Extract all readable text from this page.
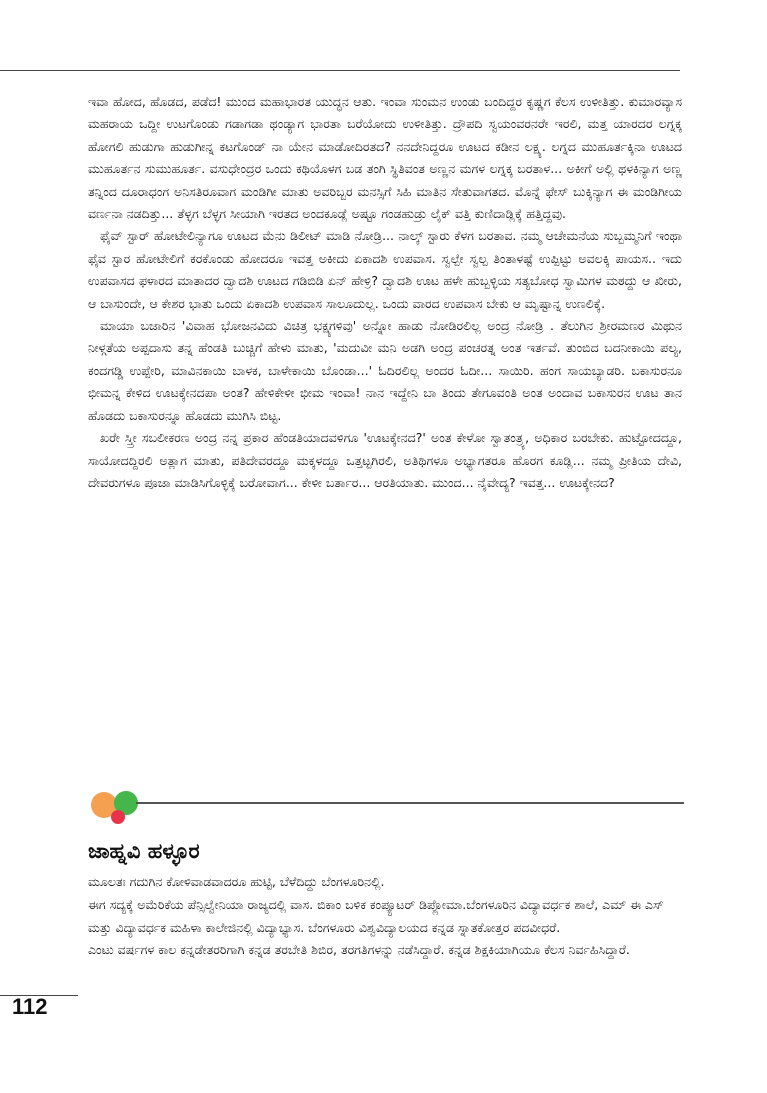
ಇವಾ ಹೋದ, ಹೊಡದ, ಪಡೆದ! ಮುಂದ ಮಹಾಭಾರತ ಯುದ್ಧನ ಆತು. ಇಂವಾ ಸುಂಮನ ಉಂಡು ಬಂದಿದ್ದರ ಕೃಷ್ಣಗ ಕೆಲಸ ಉಳೀತಿತ್ತು. ಕುಮಾರವ್ಯಾಸ ಮಹರಾಯ ಒದ್ದೀ ಉಟಗೊಂಡು ಗಡಾಗಡಾ ಥಂಡ್ಯಾಗ ಭಾರತಾ ಬರೆಯೋದು ಉಳೀತಿತ್ತು. ದ್ರೌಪದಿ ಸ್ವಯಂವರನರೇ ಇರಲಿ, ಮತ್ತ ಯಾರದರ ಲಗ್ನಕ್ಕ ಹೋಗಲಿ ಹುಡುಗಾ ಹುಡುಗೀನ್ನ ಕಟಗೊಂಡ್ ನಾ ಯೇನ ಮಾಡೋದಿರತದ? ನನದೇನಿದ್ದರೂ ಊಟದ ಕಡೀನ ಲಕ್ಷ್ಯ. ಲಗ್ನದ ಮುಹೂರ್ತಕ್ಕಿನಾ ಊಟದ ಮುಹೂರ್ತನ ಸುಮುಹೂರ್ತ. ವಸುಧೇಂದ್ರರ ಒಂದು ಕಥಿಯೊಳಗ ಬಡ ತಂಗಿ ಸ್ಥಿತಿವಂತ ಅಣ್ಣನ ಮಗಳ ಲಗ್ನಕ್ಕ ಬರತಾಳ... ಅಕೀಗೆ ಅಲ್ಲಿ ಥಳಕಿನ್ಯಾಗ ಅಣ್ಣ ತನ್ನಿಂದ ದೂರಾಧಂಗ ಅನಿಸತಿರೂವಾಗ ಮಂಡಿಗೀ ಮಾತು ಅವರಿಬ್ಬರ ಮನಸ್ಸಿಗೆ ಸಿಹಿ ಮಾತಿನ ಸೇತುವಾಗತದ. ಮೊನ್ನೆ ಫೇಸ್ ಬುಕ್ಕಿನ್ಯಾಗ ಈ ಮಂಡಿಗೀಯ ವರ್ಣನಾ ನಡದಿತ್ತು... ತೆಳ್ಳಗ ಬೆಳ್ಳಗ ಸೀಯಾಗಿ ಇರತದ ಅಂದಕೂಡ್ಲೆ ಅಷ್ಟೂ ಗಂಡಹುಡ್ರು ಲೈಕ್ ವತ್ತಿ ಕುಣಿದಾಡ್ಲಿಕ್ಕೆ ಹತ್ತಿದ್ದವು.

ಫೈವ್ ಸ್ಟಾರ್ ಹೋಟೇಲಿನ್ಯಾಗೂ ಊಟದ ಮೆನು ಡಿಲೀಟ್ ಮಾಡಿ ನೋಡ್ರಿ... ನಾಲ್ಕ್ ಸ್ಟಾರು ಕೆಳಗ ಬರತಾವ. ನಮ್ಮ ಆಚೇಮನೆಯ ಸುಬ್ಬಮ್ಮನಿಗೆ ಇಂಥಾ ಫೈವ ಸ್ಟಾರ ಹೋಟೇಲಿಗೆ ಕರಕೊಂಡು ಹೋದರೂ ಇವತ್ತ ಅಕೀದು ಏಕಾದಶಿ ಉಪವಾಸ. ಸ್ವಲ್ಪೇ ಸ್ವಲ್ಪ ತಿಂತಾಳಷ್ಟೆ ಉಪ್ಪಿಟ್ಟು ಅವಲಕ್ಕಿ ಪಾಯಸ.. ಇದು ಉಪವಾಸದ ಫಳಾರದ ಮಾತಾದರ ದ್ವಾದಶಿ ಊಟದ ಗಡಿಬಿಡಿ ಏನ್ ಹೇಳ್ರಿ? ದ್ವಾದಶಿ ಊಟ ಹಳೇ ಹುಬ್ಬಳ್ಳಿಯ ಸತ್ಯಬೋಧ ಸ್ವಾಮಿಗಳ ಮಠದ್ದು ಆ ಖೀರು, ಆ ಬಾಸುಂದೇ, ಆ ಕೇಶರ ಭಾತು ಒಂದು ಏಕಾದಶಿ ಉಪವಾಸ ಸಾಲೂದುಲ್ಲ. ಒಂದು ವಾರದ ಉಪವಾಸ ಬೇಕು ಆ ಮೃಷ್ಟಾನ್ನ ಉಣಲಿಕ್ಕೆ.

ಮಾಯಾ ಬಜಾರಿನ 'ವಿವಾಹ ಭೋಜನವಿದು ವಿಚಿತ್ರ ಭಕ್ಷ್ಯಗಳಿವು' ಅನ್ನೋ ಹಾಡು ನೋಡಿರಲಿಲ್ಲ ಅಂದ್ರ ನೋಡ್ರಿ . ತೆಲುಗಿನ ಶ್ರೀರಮಣರ ಮಿಥುನ ನೀಳ್ಗತೆಯ ಅಪ್ಪದಾಸು ತನ್ನ ಹೆಂಡತಿ ಬುಚ್ಚಿಗೆ ಹೇಳು ಮಾತು, 'ಮದುವೀ ಮನಿ ಅಡಗಿ ಅಂದ್ರ ಪಂಚರತ್ನ ಅಂತ ಇರ್ತವೆ. ತುಂಬಿದ ಬದನೀಕಾಯಿ ಪಲ್ಯ, ಕಂದಗಡ್ಡಿ ಉಪ್ಪೇರಿ, ಮಾವಿನಕಾಯಿ ಬಾಳಕ, ಬಾಳೇಕಾಯಿ ಬೊಂಡಾ...' ಓದಿರಲಿಲ್ಲ ಅಂದರ ಓದೀ... ಸಾಯಿರಿ. ಹಂಗ ಸಾಯಬ್ಯಾಡರಿ. ಬಕಾಸುರನೂ ಭೀಮನ್ನ ಕೇಳಿದ ಊಟಕ್ಕೇನದಪಾ ಅಂತ? ಹೇಳಿಕೇಳೀ ಭೀಮ ಇಂವಾ! ನಾನ ಇದ್ದೇನಿ ಬಾ ತಿಂದು ತೇಗೂವಂತಿ ಅಂತ ಅಂದಾವ ಬಕಾಸುರನ ಊಟ ತಾನ ಹೊಡದು ಬಕಾಸುರನ್ನೂ ಹೊಡದು ಮುಗಿಸಿ ಬಿಟ್ಟ.

ಖರೇ ಸ್ತ್ರೀ ಸಬಲೀಕರಣ ಅಂದ್ರ ನನ್ನ ಪ್ರಕಾರ ಹೆಂಡತಿಯಾದವಳಿಗೂ 'ಊಟಕ್ಕೇನದ?' ಅಂತ ಕೇಳೋ ಸ್ವಾತಂತ್ರ್ಯ, ಅಧಿಕಾರ ಬರಬೇಕು. ಹುಟ್ಟೋದದ್ದೂ, ಸಾಯೋದದ್ದಿರಲಿ ಅತ್ಲಾಗ ಮಾತು, ಪತಿದೇವರದ್ದೂ ಮಕ್ಕಳದ್ದೂ ಒತ್ತಟ್ಟಗಿರಲಿ, ಅತಿಥಿಗಳೂ ಅಭ್ಯಾಗತರೂ ಹೊರಗ ಕೂಡ್ಲಿ... ನಮ್ಮ ಪ್ರೀತಿಯ ದೇವಿ, ದೇವರುಗಳೂ ಪೂಜಾ ಮಾಡಿಸಿಗೊಳ್ಳಿಕ್ಕೆ ಬರೋವಾಗ... ಕೇಳೀ ಬರ್ತಾರ... ಆರತಿಯಾತು. ಮುಂದ... ನೈವೇದ್ಯ? ಇವತ್ತ... ಊಟಕ್ಕೇನದ?

ಜಾಹ್ನವಿ ಹಳ್ಳೂರ

ಮೂಲತಃ ಗದುಗಿನ ಕೋಳಿವಾಡವಾದರೂ ಹುಟ್ಟಿ, ಬೆಳೆದಿದ್ದು ಬೆಂಗಳೂರಿನಲ್ಲಿ.

ಈಗ ಸದ್ಯಕ್ಕೆ ಅಮೆರಿಕೆಯ ಪೆನ್ಸಿಲ್ವೇನಿಯಾ ರಾಜ್ಯದಲ್ಲಿ ವಾಸ. ಬಿಕಾಂ ಬಳಿಕ ಕಂಪ್ಯೂಟರ್ ಡಿಪ್ಲೋಮಾ.ಬೆಂಗಳೂರಿನ ವಿದ್ಯಾವರ್ಧಕ ಶಾಲೆ, ಎಮ್ ಈ ಎಸ್ ಮತ್ತು ವಿದ್ಯಾವರ್ಧಕ ಮಹಿಳಾ ಕಾಲೇಜಿನಲ್ಲಿ ವಿದ್ಯಾಭ್ಯಾಸ. ಬೆಂಗಳೂರು ವಿಶ್ವವಿದ್ಯಾಲಯದ ಕನ್ನಡ ಸ್ನಾತಕೋತ್ತರ ಪದವೀಧರೆ.

ಎಂಟು ವರ್ಷಗಳ ಕಾಲ ಕನ್ನಡೇತರರಿಗಾಗಿ ಕನ್ನಡ ತರಬೇತಿ ಶಿಬಿರ, ತರಗತಿಗಳನ್ನು ನಡೆಸಿದ್ದಾರೆ. ಕನ್ನಡ ಶಿಕ್ಷಕಿಯಾಗಿಯೂ ಕೆಲಸ ನಿರ್ವಹಿಸಿದ್ದಾರೆ.

112
